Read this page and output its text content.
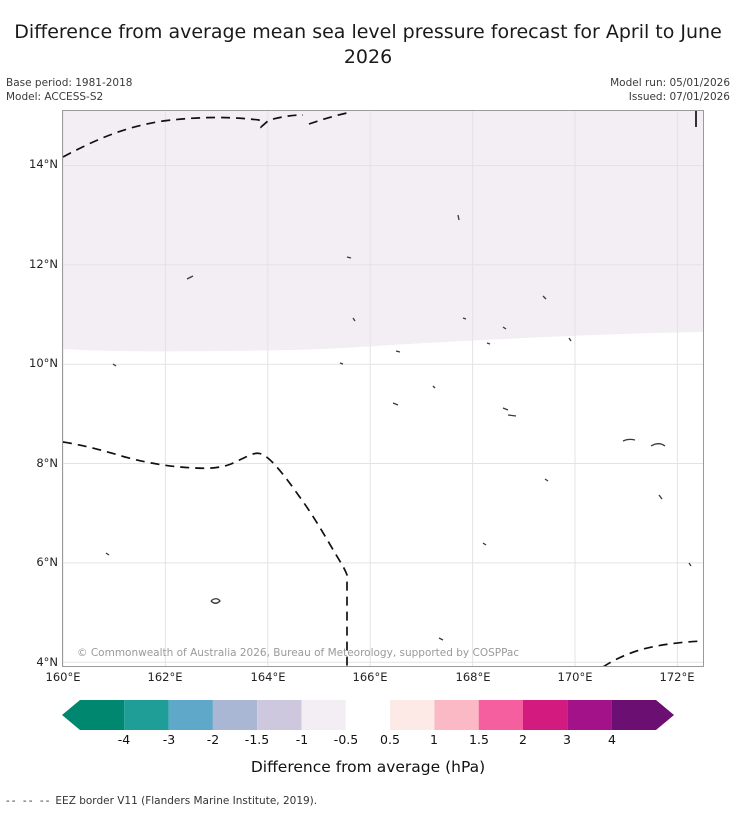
Difference from average mean sea level pressure forecast for April to June 2026
Base period: 1981-2018
Model: ACCESS-S2
Model run: 05/01/2026
Issued: 07/01/2026
© Commonwealth of Australia 2026, Bureau of Meteorology, supported by COSPPac
14°N
12°N
10°N
8°N
6°N
4°N
160°E	162°E	164°E	166°E	168°E	170°E	172°E
-4	-3	-2 -1.5 -1 -0.5 0.5 1 1.5 2	3	4
Difference from average (hPa)
-- -- -- EEZ border V11 (Flanders Marine Institute, 2019).
